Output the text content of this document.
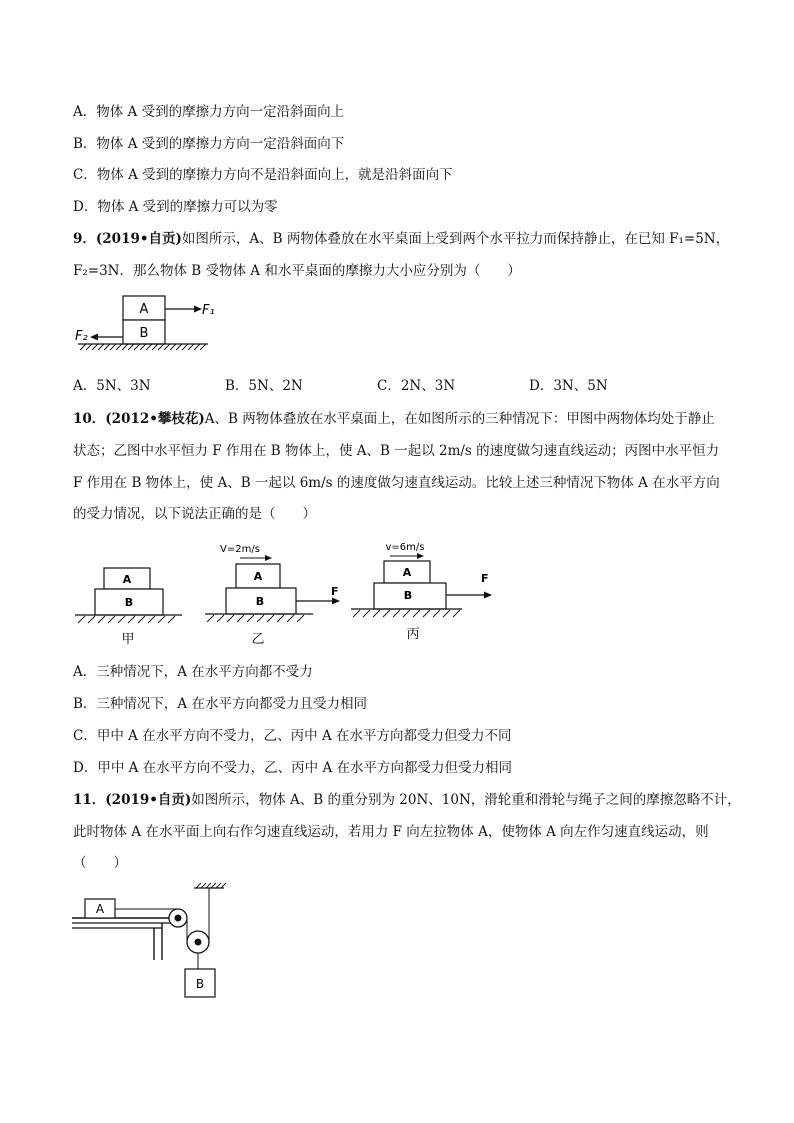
A．物体 A 受到的摩擦力方向一定沿斜面向上
B．物体 A 受到的摩擦力方向一定沿斜面向下
C．物体 A 受到的摩擦力方向不是沿斜面向上，就是沿斜面向下
D．物体 A 受到的摩擦力可以为零
9．(2019•自贡)如图所示，A、B 两物体叠放在水平桌面上受到两个水平拉力而保持静止，在已知 F₁=5N，
F₂=3N．那么物体 B 受物体 A 和水平桌面的摩擦力大小应分别为（　　）
A
B
F₁
F₂
A．5N、3N	B．5N、2N	C．2N、3N	D．3N、5N
10．(2012•攀枝花)A、B 两物体叠放在水平桌面上，在如图所示的三种情况下：甲图中两物体均处于静止
状态；乙图中水平恒力 F 作用在 B 物体上，使 A、B 一起以 2m/s 的速度做匀速直线运动；丙图中水平恒力
F 作用在 B 物体上，使 A、B 一起以 6m/s 的速度做匀速直线运动。比较上述三种情况下物体 A 在水平方向
的受力情况，以下说法正确的是（　　）
A
B
甲
V=2m/s
A
B
F
乙
v=6m/s
A
B
F
丙
A．三种情况下，A 在水平方向都不受力
B．三种情况下，A 在水平方向都受力且受力相同
C．甲中 A 在水平方向不受力，乙、丙中 A 在水平方向都受力但受力不同
D．甲中 A 在水平方向不受力，乙、丙中 A 在水平方向都受力但受力相同
11．(2019•自贡)如图所示，物体 A、B 的重分别为 20N、10N，滑轮重和滑轮与绳子之间的摩擦忽略不计，
此时物体 A 在水平面上向右作匀速直线运动，若用力 F 向左拉物体 A，使物体 A 向左作匀速直线运动，则
（　　）
A
B
